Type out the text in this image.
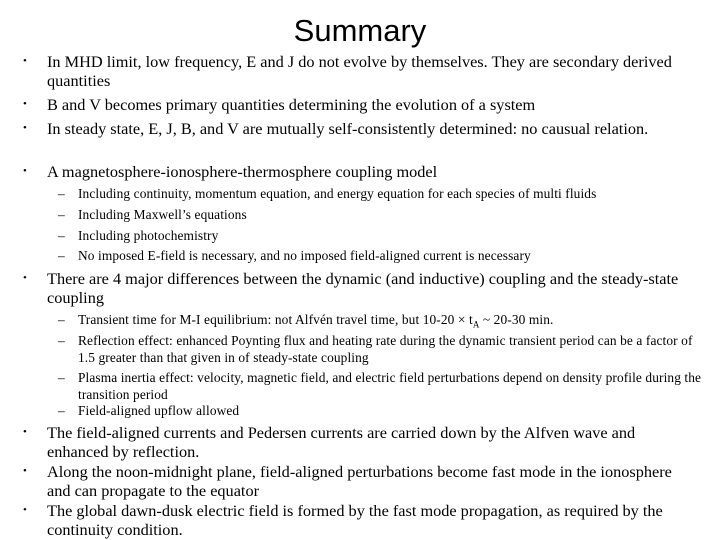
Summary
• In MHD limit, low frequency, E and J do not evolve by themselves. They are secondary derived quantities
• B and V becomes primary quantities determining the evolution of a system
• In steady state, E, J, B, and V are mutually self-consistently determined: no causual relation.
• A magnetosphere-ionosphere-thermosphere coupling model
– Including continuity, momentum equation, and energy equation for each species of multi fluids
– Including Maxwell’s equations
– Including photochemistry
– No imposed E-field is necessary, and no imposed field-aligned current is necessary
• There are 4 major differences between the dynamic (and inductive) coupling and the steady-state coupling
– Transient time for M-I equilibrium: not Alfvén travel time, but $10-20 \times t_A$ ~ 20-30 min.
– Reflection effect: enhanced Poynting flux and heating rate during the dynamic transient period can be a factor of 1.5 greater than that given in of steady-state coupling
– Plasma inertia effect: velocity, magnetic field, and electric field perturbations depend on density profile during the transition period
– Field-aligned upflow allowed
• The field-aligned currents and Pedersen currents are carried down by the Alfven wave and enhanced by reflection.
• Along the noon-midnight plane, field-aligned perturbations become fast mode in the ionosphere and can propagate to the equator
• The global dawn-dusk electric field is formed by the fast mode propagation, as required by the continuity condition.
